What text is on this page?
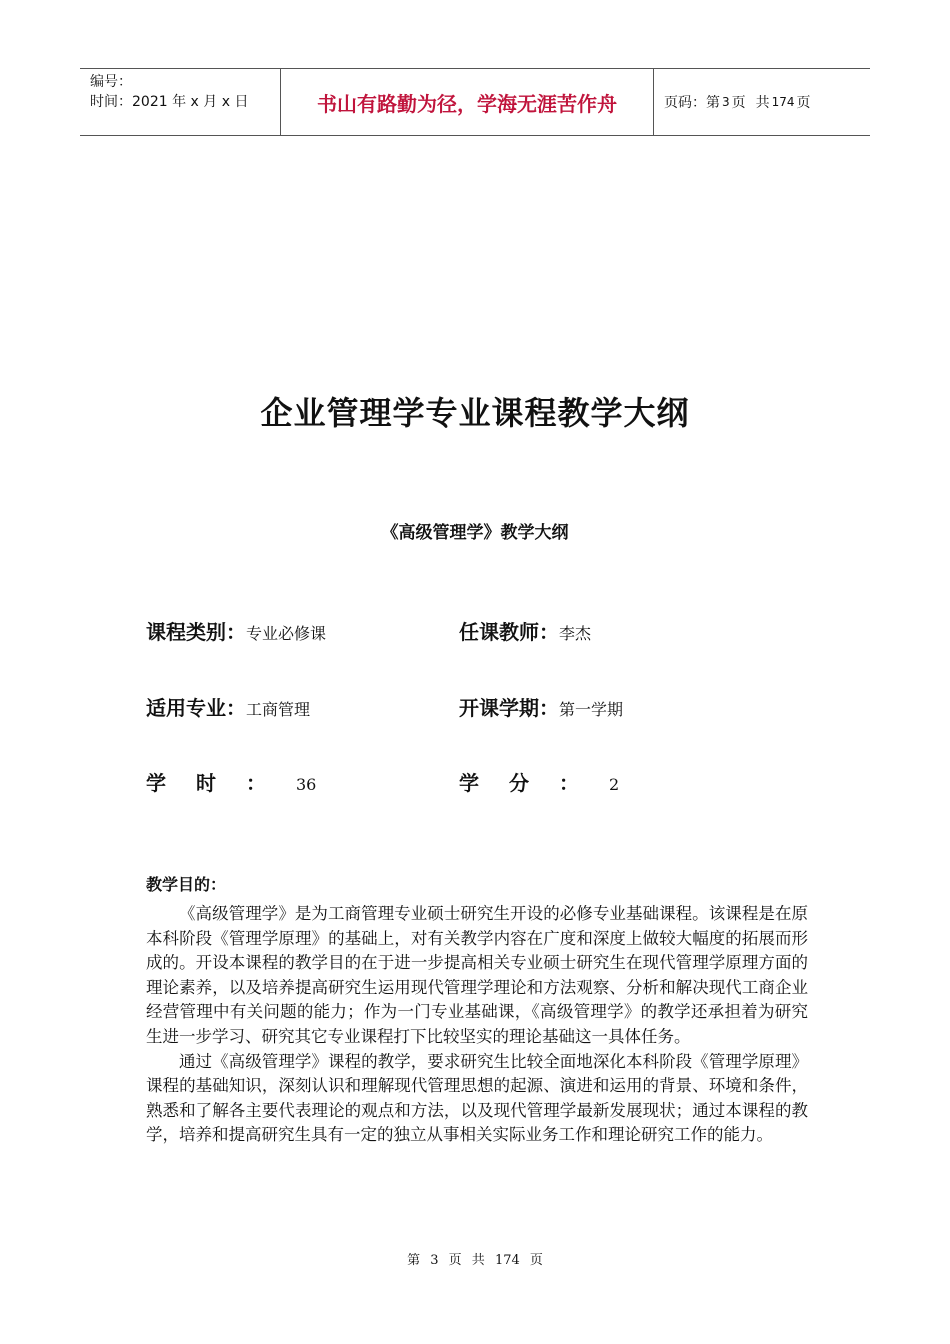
编号：
时间：2021 年 x 月 x 日	书山有路勤为径，学海无涯苦作舟	页码：第 3 页 共 174 页
企业管理学专业课程教学大纲
《高级管理学》教学大纲
课程类别：专业必修课	任课教师：李杰
适用专业：工商管理	开课学期：第一学期
学时：36	学分：2
教学目的：

《高级管理学》是为工商管理专业硕士研究生开设的必修专业基础课程。该课程是在原本科阶段《管理学原理》的基础上，对有关教学内容在广度和深度上做较大幅度的拓展而形成的。开设本课程的教学目的在于进一步提高相关专业硕士研究生在现代管理学原理方面的理论素养，以及培养提高研究生运用现代管理学理论和方法观察、分析和解决现代工商企业经营管理中有关问题的能力；作为一门专业基础课，《高级管理学》的教学还承担着为研究生进一步学习、研究其它专业课程打下比较坚实的理论基础这一具体任务。

通过《高级管理学》课程的教学，要求研究生比较全面地深化本科阶段《管理学原理》课程的基础知识，深刻认识和理解现代管理思想的起源、演进和运用的背景、环境和条件，熟悉和了解各主要代表理论的观点和方法，以及现代管理学最新发展现状；通过本课程的教学，培养和提高研究生具有一定的独立从事相关实际业务工作和理论研究工作的能力。

第 3 页 共 174 页
